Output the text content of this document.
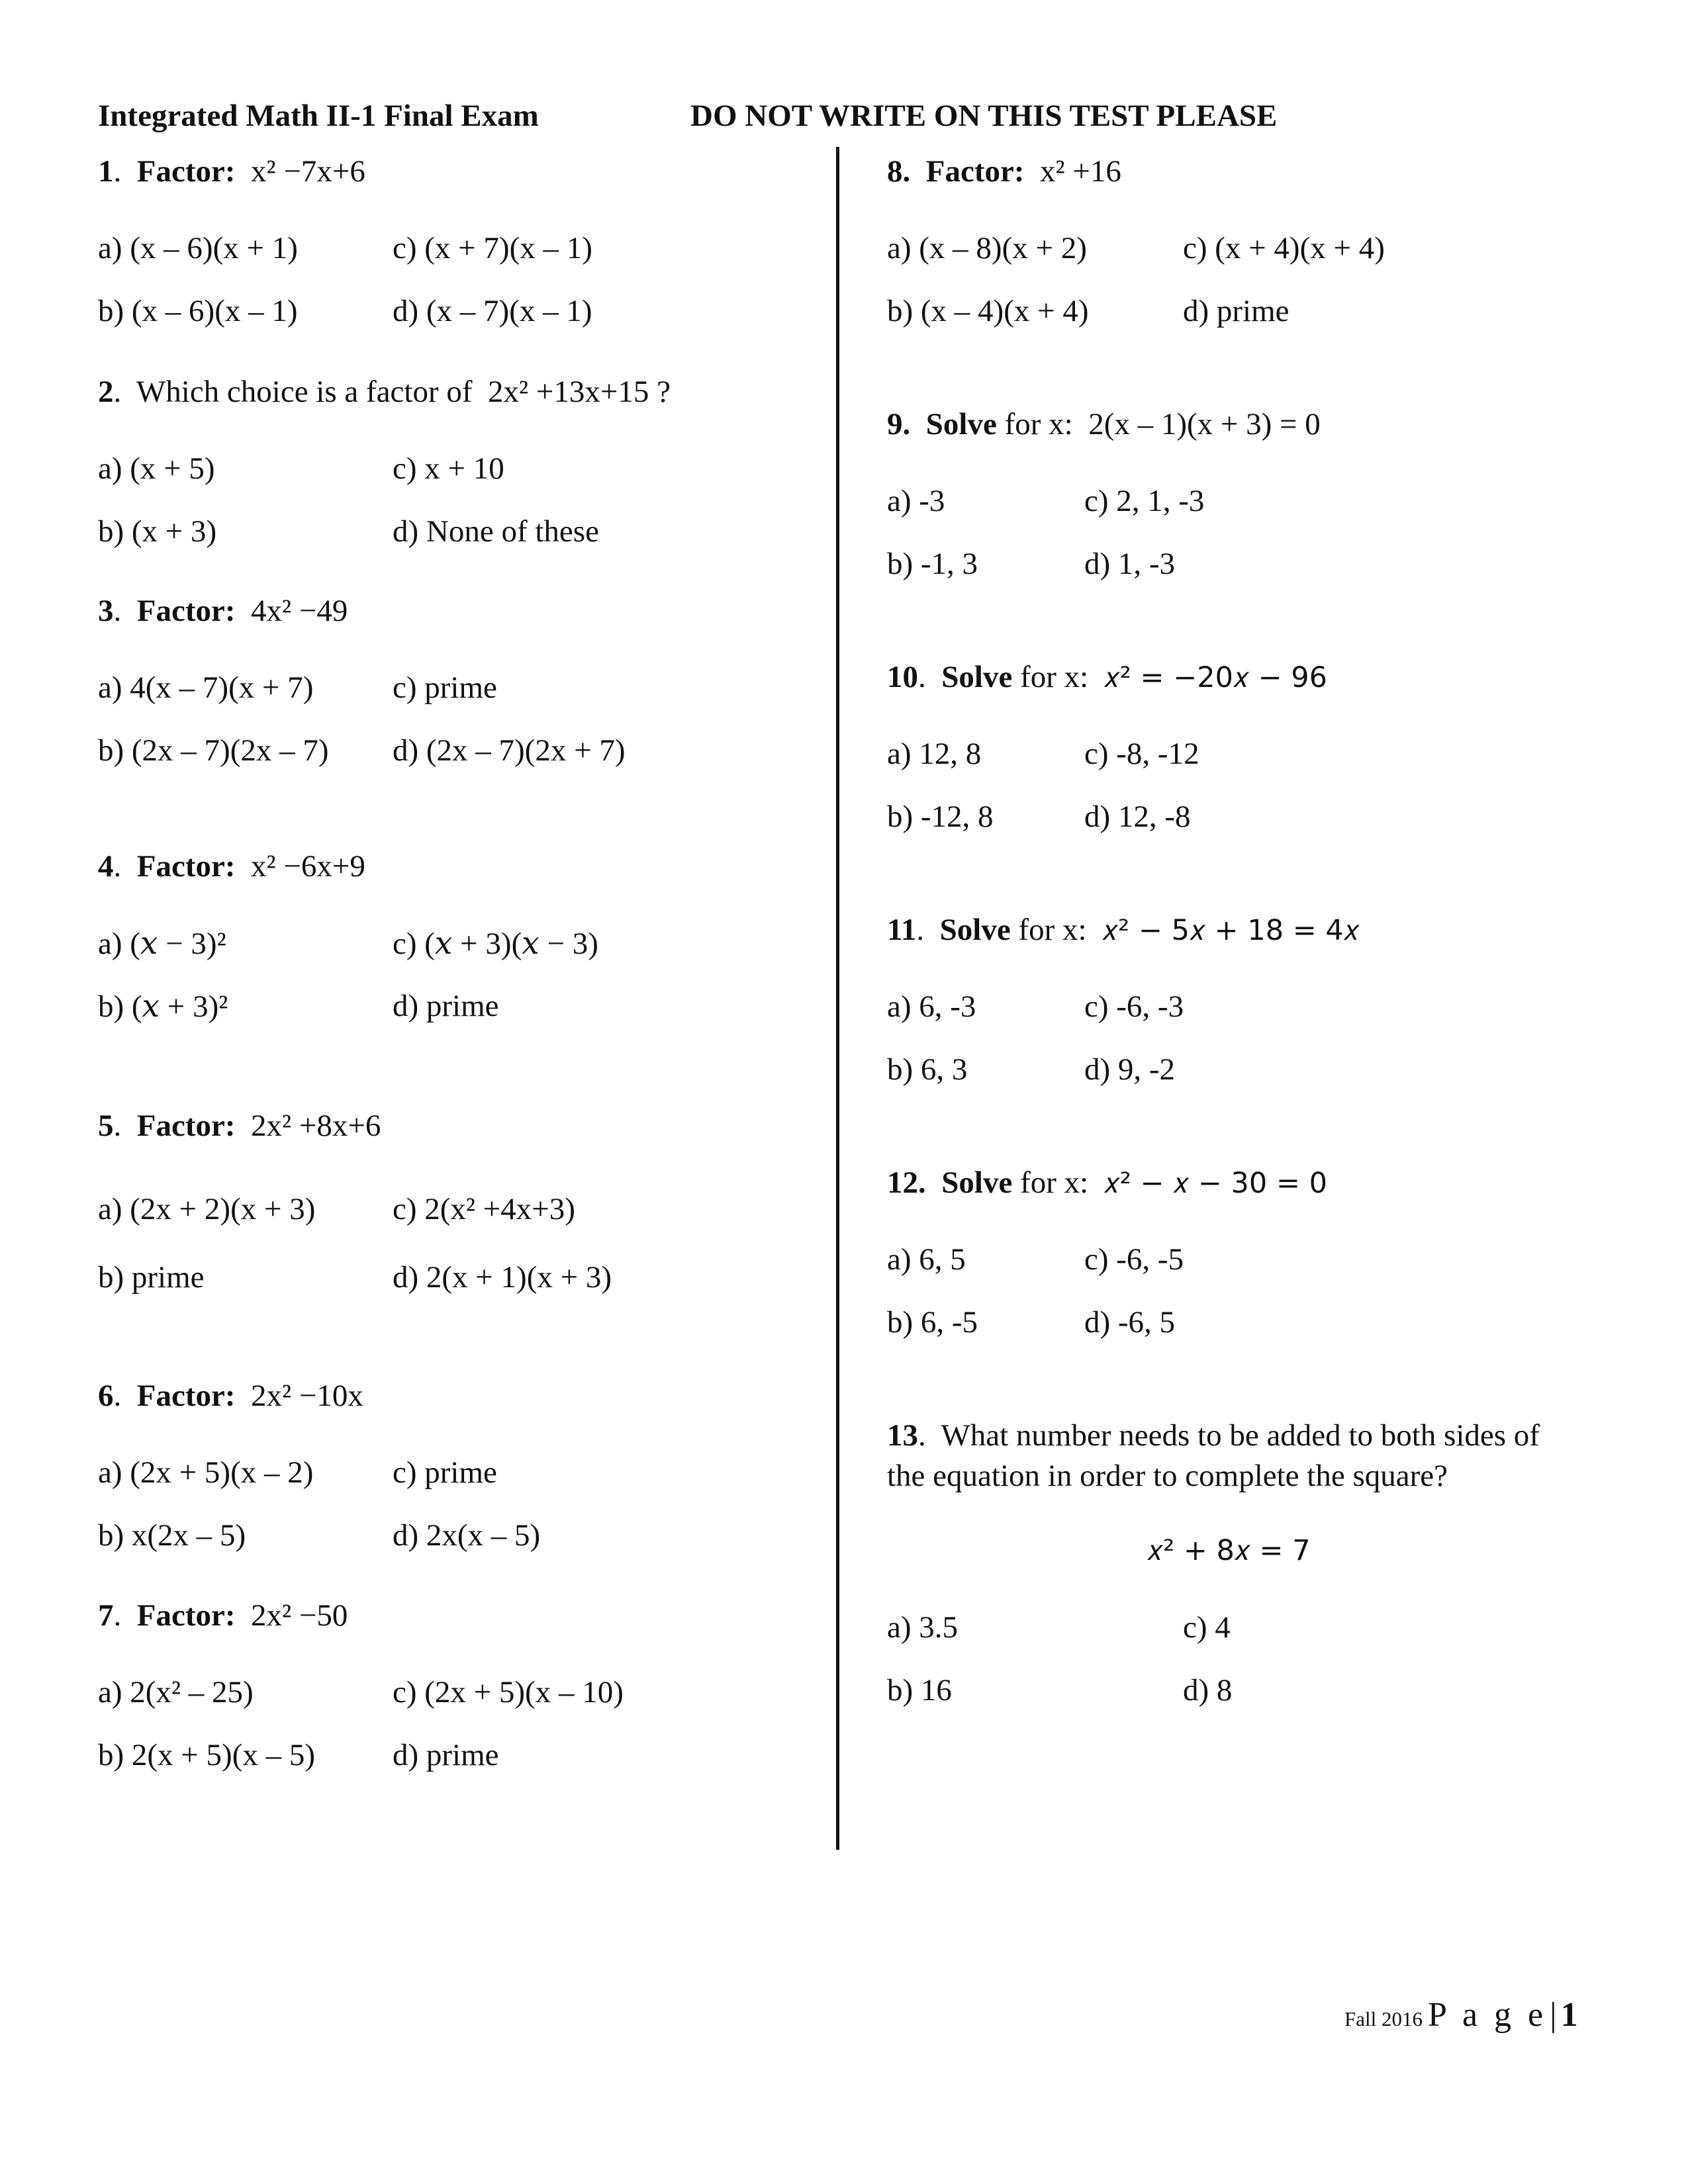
Integrated Math II-1 Final Exam	DO NOT WRITE ON THIS TEST PLEASE
1. Factor: x² −7x+6
a) (x – 6)(x + 1)	c) (x + 7)(x – 1)
b) (x – 6)(x – 1)	d) (x – 7)(x – 1)
2. Which choice is a factor of 2x² +13x+15 ?
a) (x + 5)	c) x + 10
b) (x + 3)	d) None of these
3. Factor: 4x² −49
a) 4(x – 7)(x + 7)	c) prime
b) (2x – 7)(2x – 7) d) (2x – 7)(2x + 7)
4. Factor: x² −6x+9
a) (𝑥 − 3)²	c) (𝑥 + 3)(𝑥 − 3)
b) (𝑥 + 3)²	d) prime
5. Factor: 2x² +8x+6
a) (2x + 2)(x + 3) c) 2(x² +4x+3)
b) prime	d) 2(x + 1)(x + 3)
6. Factor: 2x² −10x
a) (2x + 5)(x – 2)	c) prime
b) x(2x – 5)	d) 2x(x – 5)
7. Factor: 2x² −50
a) 2(x² – 25)	c) (2x + 5)(x – 10)
b) 2(x + 5)(x – 5) d) prime
8. Factor: x² +16
a) (x – 8)(x + 2)	c) (x + 4)(x + 4)
b) (x – 4)(x + 4)	d) prime
9. Solve for x: 2(x – 1)(x + 3) = 0
a) -3	c) 2, 1, -3
b) -1, 3	d) 1, -3
10. Solve for x: 𝑥² = −20𝑥 − 96
a) 12, 8	c) -8, -12
b) -12, 8	d) 12, -8
11. Solve for x: 𝑥² − 5𝑥 + 18 = 4𝑥
a) 6, -3	c) -6, -3
b) 6, 3	d) 9, -2
12. Solve for x: 𝑥² − 𝑥 − 30 = 0
a) 6, 5	c) -6, -5
b) 6, -5	d) -6, 5
13. What number needs to be added to both sides of
the equation in order to complete the square?
𝑥² + 8𝑥 = 7
a) 3.5	c) 4
b) 16	d) 8
Fall 2016 P a g e |1
